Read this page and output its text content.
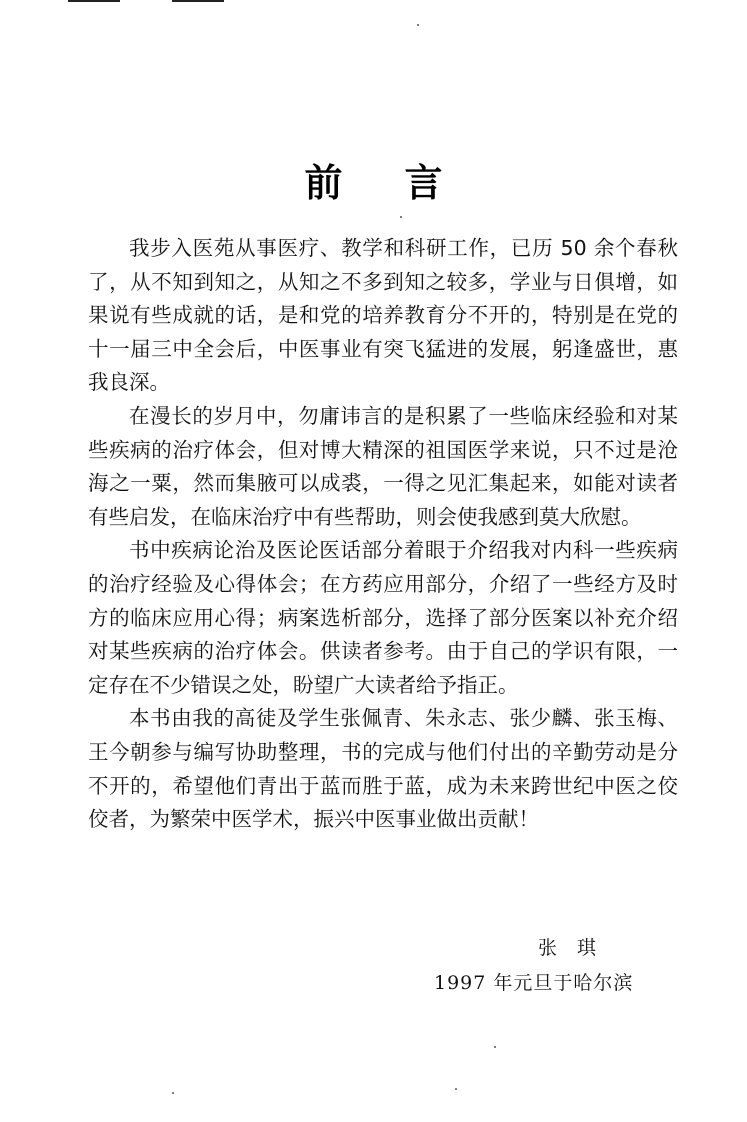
前言

我步入医苑从事医疗、教学和科研工作，已历 50 余个春秋了，从不知到知之，从知之不多到知之较多，学业与日俱增，如果说有些成就的话，是和党的培养教育分不开的，特别是在党的十一届三中全会后，中医事业有突飞猛进的发展，躬逢盛世，惠我良深。

在漫长的岁月中，勿庸讳言的是积累了一些临床经验和对某些疾病的治疗体会，但对博大精深的祖国医学来说，只不过是沧海之一粟，然而集腋可以成裘，一得之见汇集起来，如能对读者有些启发，在临床治疗中有些帮助，则会使我感到莫大欣慰。

书中疾病论治及医论医话部分着眼于介绍我对内科一些疾病的治疗经验及心得体会；在方药应用部分，介绍了一些经方及时方的临床应用心得；病案选析部分，选择了部分医案以补充介绍对某些疾病的治疗体会。供读者参考。由于自己的学识有限，一定存在不少错误之处，盼望广大读者给予指正。

本书由我的高徒及学生张佩青、朱永志、张少麟、张玉梅、王今朝参与编写协助整理，书的完成与他们付出的辛勤劳动是分不开的，希望他们青出于蓝而胜于蓝，成为未来跨世纪中医之佼佼者，为繁荣中医学术，振兴中医事业做出贡献！

张琪
1997 年元旦于哈尔滨
